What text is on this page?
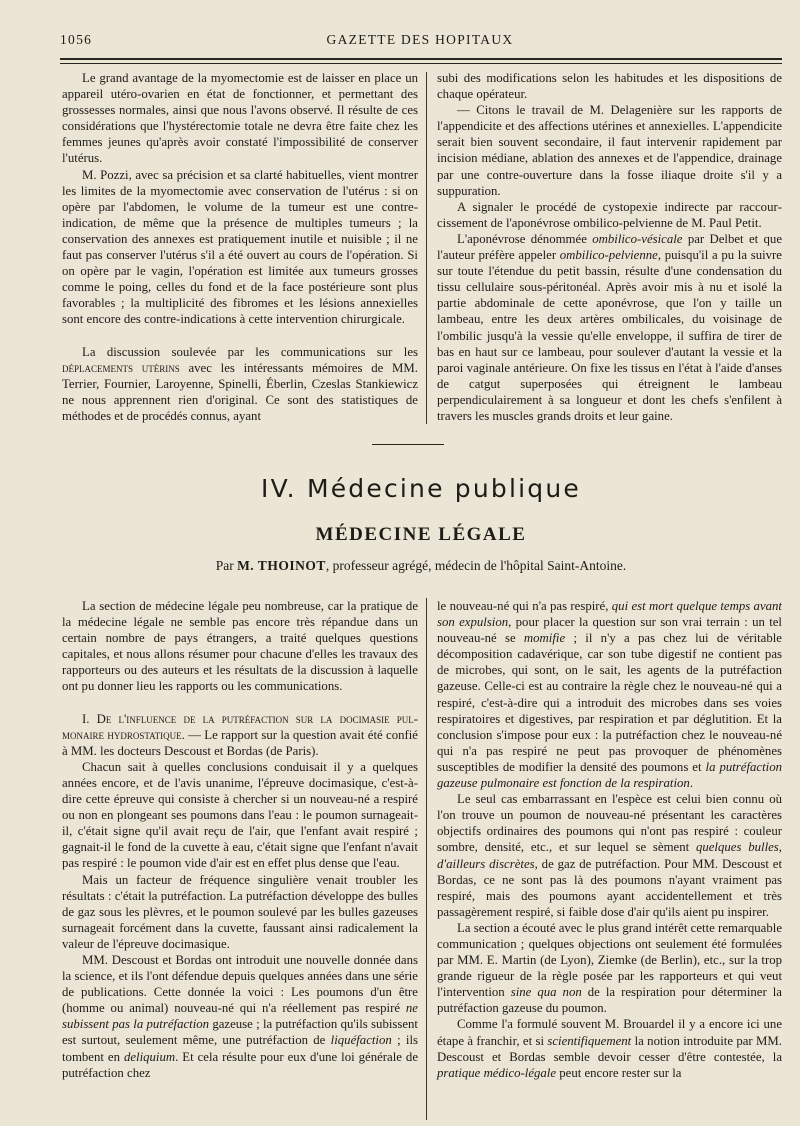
1056	GAZETTE DES HOPITAUX

Le grand avantage de la myomectomie est de laisser en place un appareil utéro-ovarien en état de fonctionner, et permettant des grossesses normales, ainsi que nous l'avons observé. Il résulte de ces considérations que l'hystérectomie totale ne devra être faite chez les femmes jeunes qu'après avoir constaté l'impossibilité de conserver l'utérus.

M. Pozzi, avec sa précision et sa clarté habituelles, vient montrer les limites de la myomectomie avec conservation de l'utérus : si on opère par l'abdomen, le volume de la tumeur est une contre-indication, de même que la présence de multiples tumeurs ; la conservation des annexes est pratiquement inutile et nuisible ; il ne faut pas conserver l'utérus s'il a été ouvert au cours de l'opération. Si on opère par le vagin, l'opération est limitée aux tumeurs grosses comme le poing, celles du fond et de la face postérieure sont plus favorables ; la multiplicité des fibromes et les lésions annexielles sont encore des contre-indications à cette intervention chirurgicale.

La discussion soulevée par les communications sur les déplacements utérins avec les intéressants mémoires de MM. Terrier, Fournier, Laroyenne, Spinelli, Éberlin, Czeslas Stankiewicz ne nous apprennent rien d'original. Ce sont des statistiques de méthodes et de procédés connus, ayant

subi des modifications selon les habitudes et les dispositions de chaque opérateur.

— Citons le travail de M. Delagenière sur les rapports de l'appendicite et des affections utérines et annexielles. L'appendicite serait bien souvent secondaire, il faut intervenir rapidement par incision médiane, ablation des annexes et de l'appendice, drainage par une contre-ouverture dans la fosse iliaque droite s'il y a suppuration.

A signaler le procédé de cystopexie indirecte par raccourcissement de l'aponévrose ombilico-pelvienne de M. Paul Petit.

L'aponévrose dénommée ombilico-vésicale par Delbet et que l'auteur préfère appeler ombilico-pelvienne, puisqu'il a pu la suivre sur toute l'étendue du petit bassin, résulte d'une condensation du tissu cellulaire sous-péritonéal. Après avoir mis à nu et isolé la partie abdominale de cette aponévrose, que l'on y taille un lambeau, entre les deux artères ombilicales, du voisinage de l'ombilic jusqu'à la vessie qu'elle enveloppe, il suffira de tirer de bas en haut sur ce lambeau, pour soulever d'autant la vessie et la paroi vaginale antérieure. On fixe les tissus en l'état à l'aide d'anses de catgut superposées qui étreignent le lambeau perpendiculairement à sa longueur et dont les chefs s'enfilent à travers les muscles grands droits et leur gaine.

IV. Médecine publique
MÉDECINE LÉGALE
Par M. THOINOT, professeur agrégé, médecin de l'hôpital Saint-Antoine.

La section de médecine légale peu nombreuse, car la pratique de la médecine légale ne semble pas encore très répandue dans un certain nombre de pays étrangers, a traité quelques questions capitales, et nous allons résumer pour chacune d'elles les travaux des rapporteurs ou des auteurs et les résultats de la discussion à laquelle ont pu donner lieu les rapports ou les communications.

I. De l'influence de la putréfaction sur la docimasie pulmonaire hydrostatique. — Le rapport sur la question avait été confié à MM. les docteurs Descoust et Bordas (de Paris).

Chacun sait à quelles conclusions conduisait il y a quelques années encore, et de l'avis unanime, l'épreuve docimasique, c'est-à-dire cette épreuve qui consiste à chercher si un nouveau-né a respiré ou non en plongeant ses poumons dans l'eau : le poumon surnageait-il, c'était signe qu'il avait reçu de l'air, que l'enfant avait respiré ; gagnait-il le fond de la cuvette à eau, c'était signe que l'enfant n'avait pas respiré : le poumon vide d'air est en effet plus dense que l'eau.

Mais un facteur de fréquence singulière venait troubler les résultats : c'était la putréfaction. La putréfaction développe des bulles de gaz sous les plèvres, et le poumon soulevé par les bulles gazeuses surnageait forcément dans la cuvette, faussant ainsi radicalement la valeur de l'épreuve docimasique.

MM. Descoust et Bordas ont introduit une nouvelle donnée dans la science, et ils l'ont défendue depuis quelques années dans une série de publications. Cette donnée la voici : Les poumons d'un être (homme ou animal) nouveau-né qui n'a réellement pas respiré ne subissent pas la putréfaction gazeuse ; la putréfaction qu'ils subissent est surtout, seulement même, une putréfaction de liquéfaction ; ils tombent en deliquium. Et cela résulte pour eux d'une loi générale de putréfaction chez

le nouveau-né qui n'a pas respiré, qui est mort quelque temps avant son expulsion, pour placer la question sur son vrai terrain : un tel nouveau-né se momifie ; il n'y a pas chez lui de véritable décomposition cadavérique, car son tube digestif ne contient pas de microbes, qui sont, on le sait, les agents de la putréfaction gazeuse. Celle-ci est au contraire la règle chez le nouveau-né qui a respiré, c'est-à-dire qui a introduit des microbes dans ses voies respiratoires et digestives, par respiration et par déglutition. Et la conclusion s'impose pour eux : la putréfaction chez le nouveau-né qui n'a pas respiré ne peut pas provoquer de phénomènes susceptibles de modifier la densité des poumons et la putréfaction gazeuse pulmonaire est fonction de la respiration.

Le seul cas embarrassant en l'espèce est celui bien connu où l'on trouve un poumon de nouveau-né présentant les caractères objectifs ordinaires des poumons qui n'ont pas respiré : couleur sombre, densité, etc., et sur lequel se sèment quelques bulles, d'ailleurs discrètes, de gaz de putréfaction. Pour MM. Descoust et Bordas, ce ne sont pas là des poumons n'ayant vraiment pas respiré, mais des poumons ayant accidentellement et très passagèrement respiré, si faible dose d'air qu'ils aient pu inspirer.

La section a écouté avec le plus grand intérêt cette remarquable communication ; quelques objections ont seulement été formulées par MM. E. Martin (de Lyon), Ziemke (de Berlin), etc., sur la trop grande rigueur de la règle posée par les rapporteurs et qui veut l'intervention sine qua non de la respiration pour déterminer la putréfaction gazeuse du poumon.

Comme l'a formulé souvent M. Brouardel il y a encore ici une étape à franchir, et si scientifiquement la notion introduite par MM. Descoust et Bordas semble devoir cesser d'être contestée, la pratique médico-légale peut encore rester sur la
